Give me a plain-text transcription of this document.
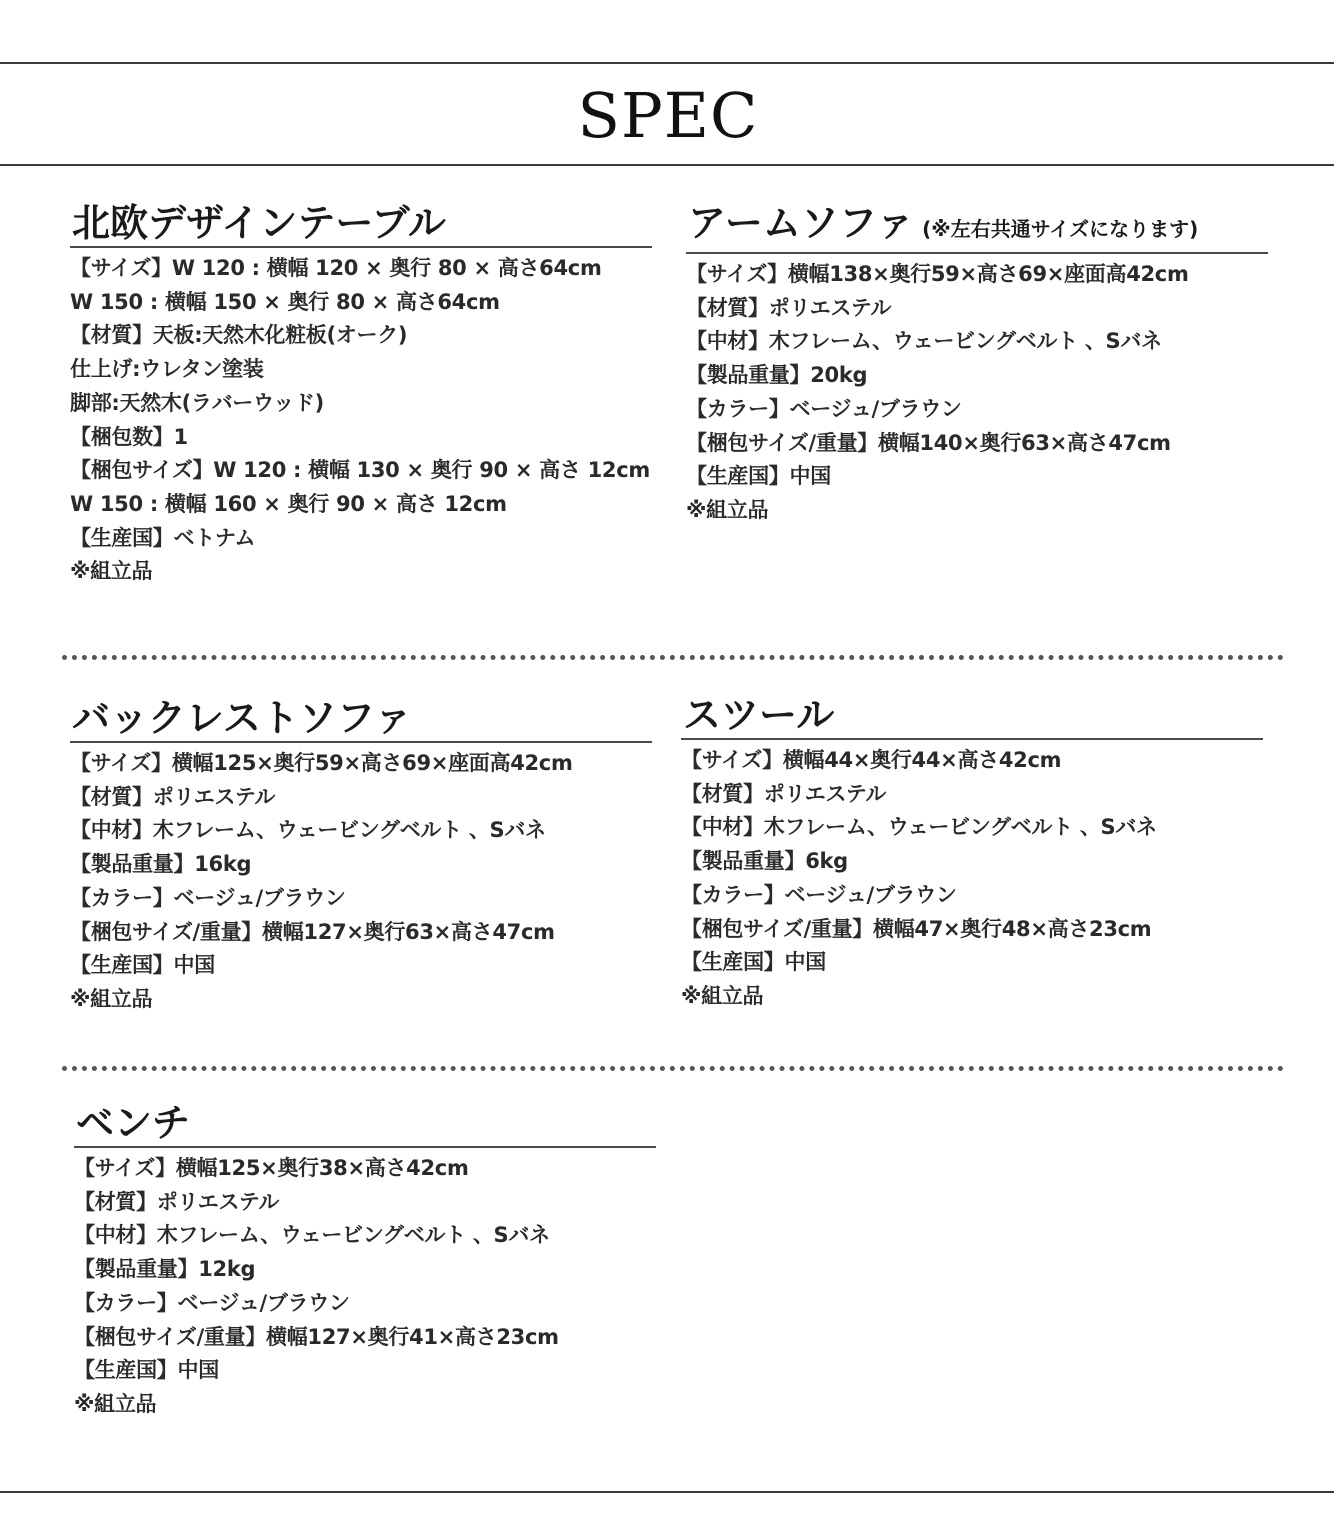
SPEC
北欧デザインテーブル
【サイズ】W 120 : 横幅 120 × 奥行 80 × 高さ64cm
W 150 : 横幅 150 × 奥行 80 × 高さ64cm
【材質】天板:天然木化粧板(オーク)
仕上げ:ウレタン塗装
脚部:天然木(ラバーウッド)
【梱包数】1
【梱包サイズ】W 120 : 横幅 130 × 奥行 90 × 高さ 12cm
W 150 : 横幅 160 × 奥行 90 × 高さ 12cm
【生産国】ベトナム
※組立品
アームソファ (※左右共通サイズになります)
【サイズ】横幅138×奥行59×高さ69×座面高42cm
【材質】ポリエステル
【中材】木フレーム、ウェービングベルト 、Sバネ
【製品重量】20kg
【カラー】ベージュ/ブラウン
【梱包サイズ/重量】横幅140×奥行63×高さ47cm
【生産国】中国
※組立品
バックレストソファ
【サイズ】横幅125×奥行59×高さ69×座面高42cm
【材質】ポリエステル
【中材】木フレーム、ウェービングベルト 、Sバネ
【製品重量】16kg
【カラー】ベージュ/ブラウン
【梱包サイズ/重量】横幅127×奥行63×高さ47cm
【生産国】中国
※組立品
スツール
【サイズ】横幅44×奥行44×高さ42cm
【材質】ポリエステル
【中材】木フレーム、ウェービングベルト 、Sバネ
【製品重量】6kg
【カラー】ベージュ/ブラウン
【梱包サイズ/重量】横幅47×奥行48×高さ23cm
【生産国】中国
※組立品
ベンチ
【サイズ】横幅125×奥行38×高さ42cm
【材質】ポリエステル
【中材】木フレーム、ウェービングベルト 、Sバネ
【製品重量】12kg
【カラー】ベージュ/ブラウン
【梱包サイズ/重量】横幅127×奥行41×高さ23cm
【生産国】中国
※組立品
